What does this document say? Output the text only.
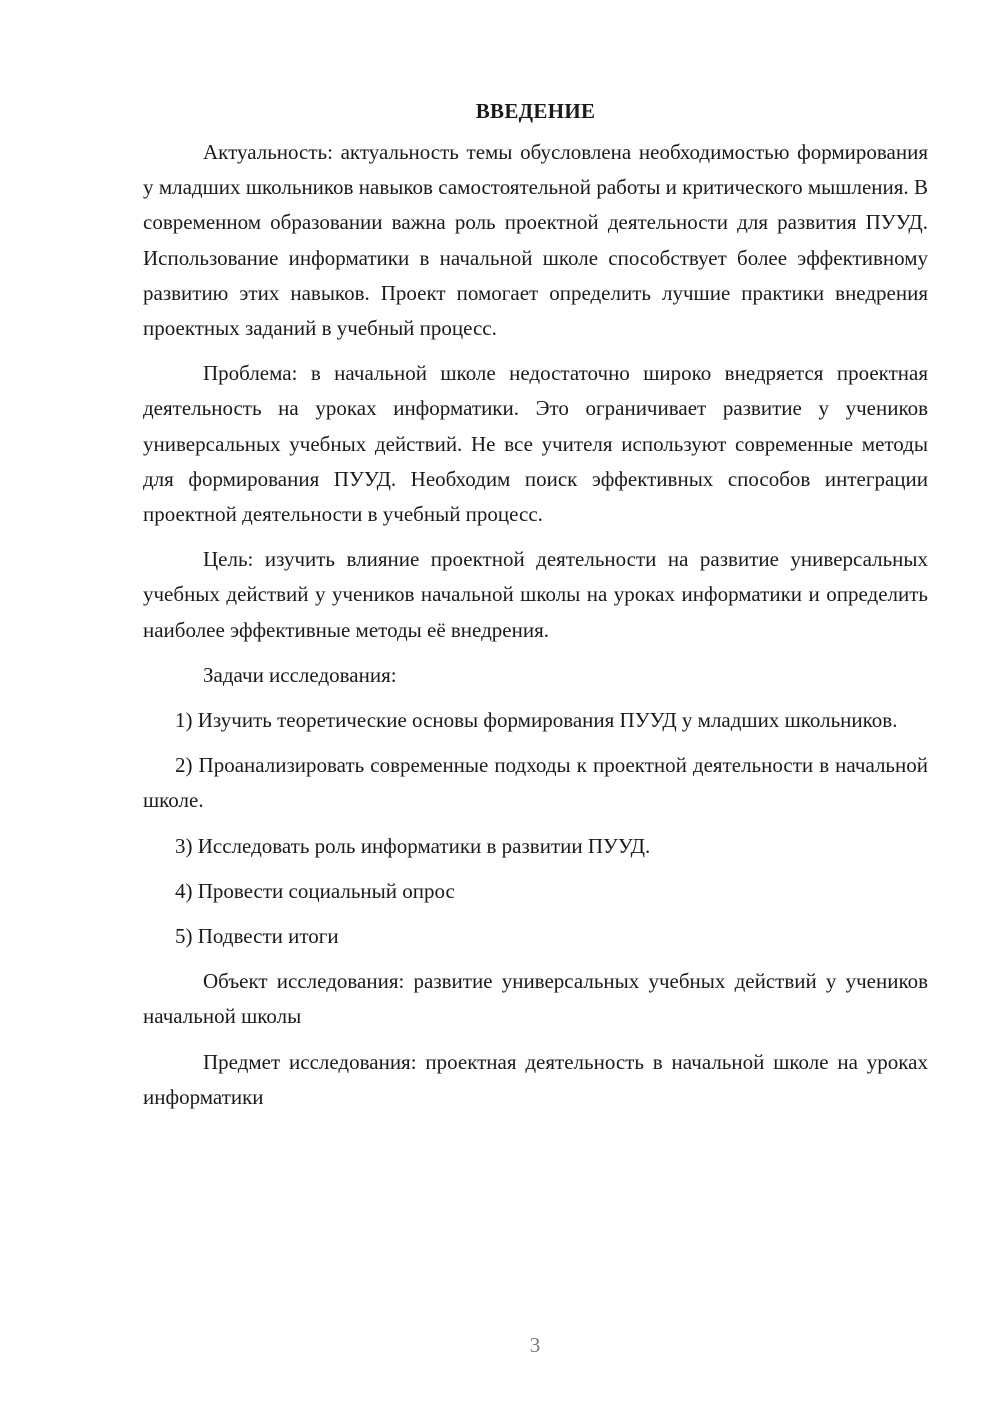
ВВЕДЕНИЕ

Актуальность: актуальность темы обусловлена необходимостью формирования у младших школьников навыков самостоятельной работы и критического мышления. В современном образовании важна роль проектной деятельности для развития ПУУД. Использование информатики в начальной школе способствует более эффективному развитию этих навыков. Проект помогает определить лучшие практики внедрения проектных заданий в учебный процесс.

Проблема: в начальной школе недостаточно широко внедряется проектная деятельность на уроках информатики. Это ограничивает развитие у учеников универсальных учебных действий. Не все учителя используют современные методы для формирования ПУУД. Необходим поиск эффективных способов интеграции проектной деятельности в учебный процесс.

Цель: изучить влияние проектной деятельности на развитие универсальных учебных действий у учеников начальной школы на уроках информатики и определить наиболее эффективные методы её внедрения.

Задачи исследования:

1) Изучить теоретические основы формирования ПУУД у младших школьников.

2) Проанализировать современные подходы к проектной деятельности в начальной школе.

3) Исследовать роль информатики в развитии ПУУД.

4) Провести социальный опрос

5) Подвести итоги

Объект исследования: развитие универсальных учебных действий у учеников начальной школы

Предмет исследования: проектная деятельность в начальной школе на уроках информатики

3
